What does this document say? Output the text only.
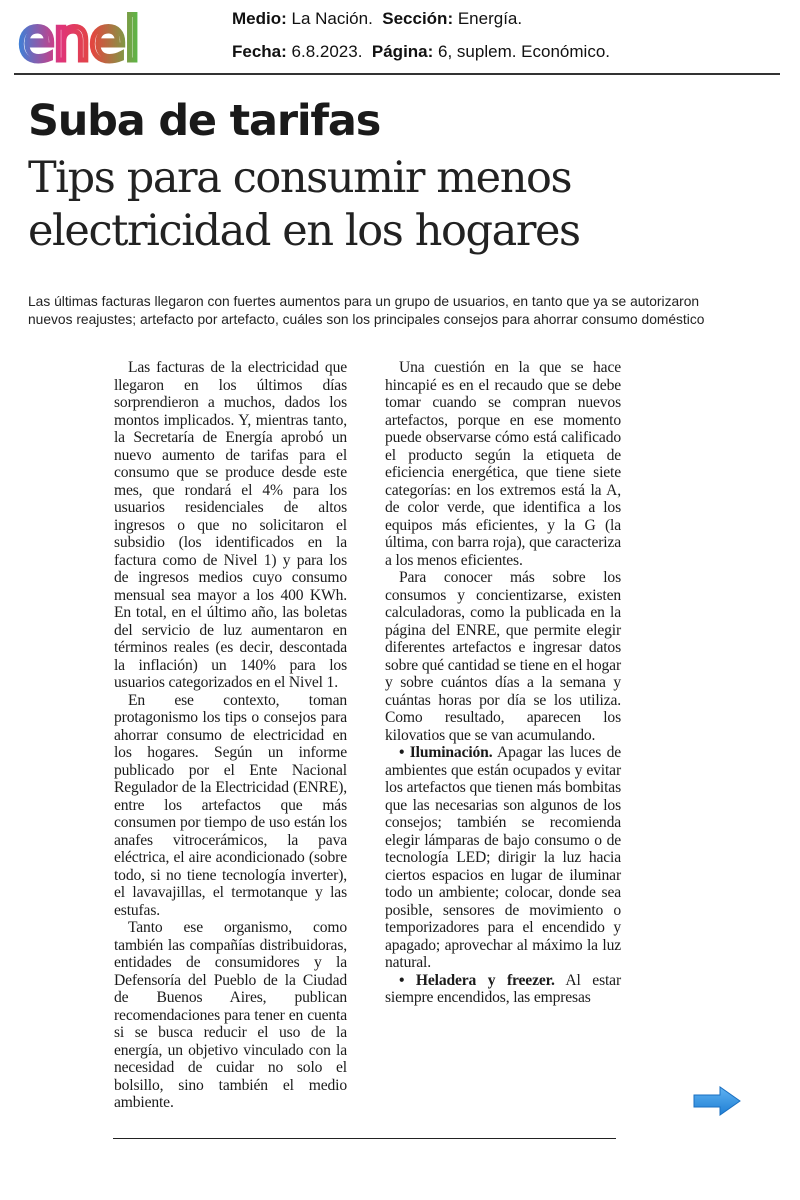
enel	Medio: La Nación. Sección: Energía.
Fecha: 6.8.2023. Página: 6, suplem. Económico.
Suba de tarifas
Tips para consumir menos
electricidad en los hogares
Las últimas facturas llegaron con fuertes aumentos para un grupo de usuarios, en tanto que ya se autorizaron
nuevos reajustes; artefacto por artefacto, cuáles son los principales consejos para ahorrar consumo doméstico

Las facturas de la electricidad que llegaron en los últimos días sorprendieron a muchos, dados los montos implicados. Y, mientras tanto, la Secretaría de Energía aprobó un nuevo aumento de tarifas para el consumo que se produce desde este mes, que rondará el 4% para los usuarios residenciales de altos ingresos o que no solicitaron el subsidio (los identificados en la factura como de Nivel 1) y para los de ingresos medios cuyo consumo mensual sea mayor a los 400 KWh. En total, en el último año, las boletas del servicio de luz aumentaron en términos reales (es decir, descontada la inflación) un 140% para los usuarios categorizados en el Nivel 1.

En ese contexto, toman protagonismo los tips o consejos para ahorrar consumo de electricidad en los hogares. Según un informe publicado por el Ente Nacional Regulador de la Electricidad (ENRE), entre los artefactos que más consumen por tiempo de uso están los anafes vitrocerámicos, la pava eléctrica, el aire acondicionado (sobre todo, si no tiene tecnología inverter), el lavavajillas, el termotanque y las estufas.

Tanto ese organismo, como también las compañías distribuidoras, entidades de consumidores y la Defensoría del Pueblo de la Ciudad de Buenos Aires, publican recomendaciones para tener en cuenta si se busca reducir el uso de la energía, un objetivo vinculado con la necesidad de cuidar no solo el bolsillo, sino también el medio ambiente.

Una cuestión en la que se hace hincapié es en el recaudo que se debe tomar cuando se compran nuevos artefactos, porque en ese momento puede observarse cómo está calificado el producto según la etiqueta de eficiencia energética, que tiene siete categorías: en los extremos está la A, de color verde, que identifica a los equipos más eficientes, y la G (la última, con barra roja), que caracteriza a los menos eficientes.

Para conocer más sobre los consumos y concientizarse, existen calculadoras, como la publicada en la página del ENRE, que permite elegir diferentes artefactos e ingresar datos sobre qué cantidad se tiene en el hogar y sobre cuántos días a la semana y cuántas horas por día se los utiliza. Como resultado, aparecen los kilovatios que se van acumulando.

• Iluminación. Apagar las luces de ambientes que están ocupados y evitar los artefactos que tienen más bombitas que las necesarias son algunos de los consejos; también se recomienda elegir lámparas de bajo consumo o de tecnología LED; dirigir la luz hacia ciertos espacios en lugar de iluminar todo un ambiente; colocar, donde sea posible, sensores de movimiento o temporizadores para el encendido y apagado; aprovechar al máximo la luz natural.

• Heladera y freezer. Al estar siempre encendidos, las empresas
